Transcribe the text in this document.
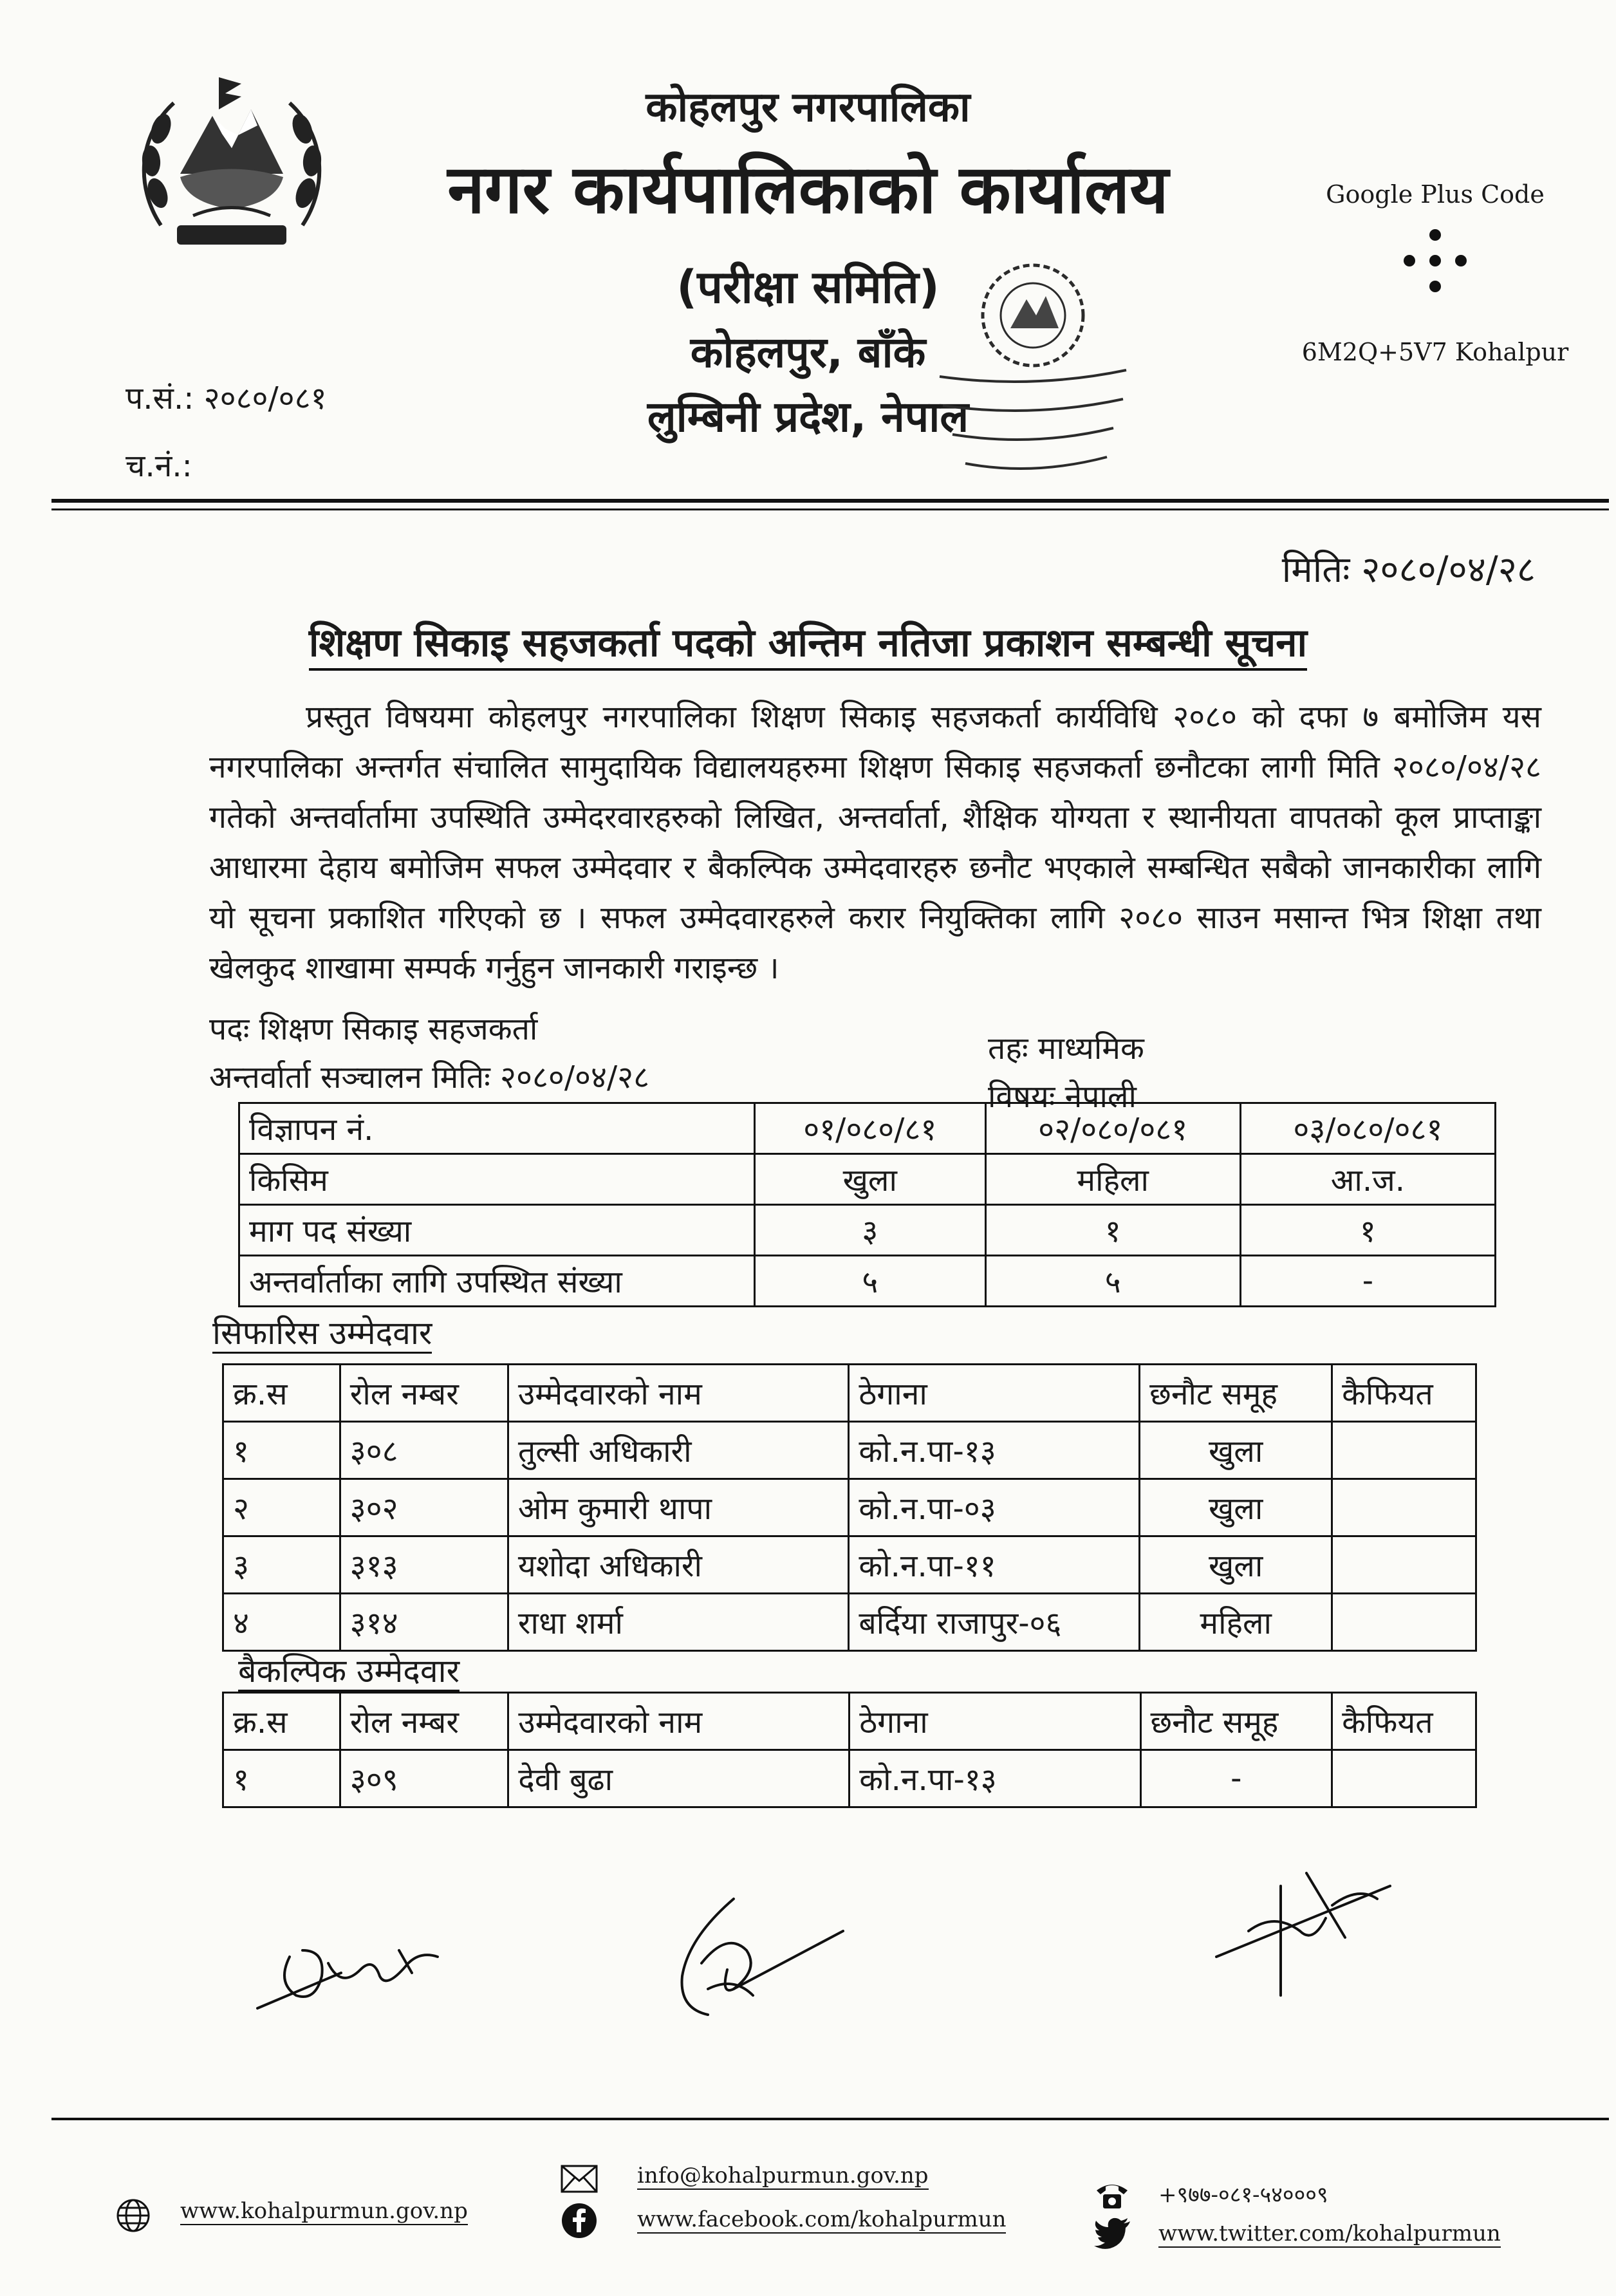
कोहलपुर नगरपालिका
नगर कार्यपालिकाको कार्यालय
(परीक्षा समिति)
कोहलपुर, बाँके
लुम्बिनी प्रदेश, नेपाल
Google Plus Code
6M2Q+5V7 Kohalpur
प.सं.: २०८०/०८१
च.नं.:
मितिः २०८०/०४/२८
शिक्षण सिकाइ सहजकर्ता पदको अन्तिम नतिजा प्रकाशन सम्बन्धी सूचना

प्रस्तुत विषयमा कोहलपुर नगरपालिका शिक्षण सिकाइ सहजकर्ता कार्यविधि २०८० को दफा ७ बमोजिम यस नगरपालिका अन्तर्गत संचालित सामुदायिक विद्यालयहरुमा शिक्षण सिकाइ सहजकर्ता छनौटका लागी मिति २०८०/०४/२८ गतेको अन्तर्वार्तामा उपस्थिति उम्मेदरवारहरुको लिखित, अन्तर्वार्ता, शैक्षिक योग्यता र स्थानीयता वापतको कूल प्राप्ताङ्का आधारमा देहाय बमोजिम सफल उम्मेदवार र बैकल्पिक उम्मेदवारहरु छनौट भएकाले सम्बन्धित सबैको जानकारीका लागि यो सूचना प्रकाशित गरिएको छ । सफल उम्मेदवारहरुले करार नियुक्तिका लागि २०८० साउन मसान्त भित्र शिक्षा तथा खेलकुद शाखामा सम्पर्क गर्नुहुन जानकारी गराइन्छ ।

पदः शिक्षण सिकाइ सहजकर्ता
अन्तर्वार्ता सञ्चालन मितिः २०८०/०४/२८
तहः माध्यमिक
विषयः नेपाली
विज्ञापन नं.	०१/०८०/८१	०२/०८०/०८१	०३/०८०/०८१
किसिम	खुला	महिला	आ.ज.
माग पद संख्या	३	१	१
अन्तर्वार्ताका लागि उपस्थित संख्या	५	५	-
सिफारिस उम्मेदवार
क्र.स	रोल नम्बर	उम्मेदवारको नाम	ठेगाना	छनौट समूह	कैफियत
१	३०८	तुल्सी अधिकारी	को.न.पा-१३	खुला	
२	३०२	ओम कुमारी थापा	को.न.पा-०३	खुला	
३	३१३	यशोदा अधिकारी	को.न.पा-११	खुला	
४	३१४	राधा शर्मा	बर्दिया राजापुर-०६	महिला	
बैकल्पिक उम्मेदवार
क्र.स	रोल नम्बर	उम्मेदवारको नाम	ठेगाना	छनौट समूह	कैफियत
१	३०९	देवी बुढा	को.न.पा-१३	-	
www.kohalpurmun.gov.np
info@kohalpurmun.gov.np
www.facebook.com/kohalpurmun
+९७७-०८१-५४०००९
www.twitter.com/kohalpurmun
